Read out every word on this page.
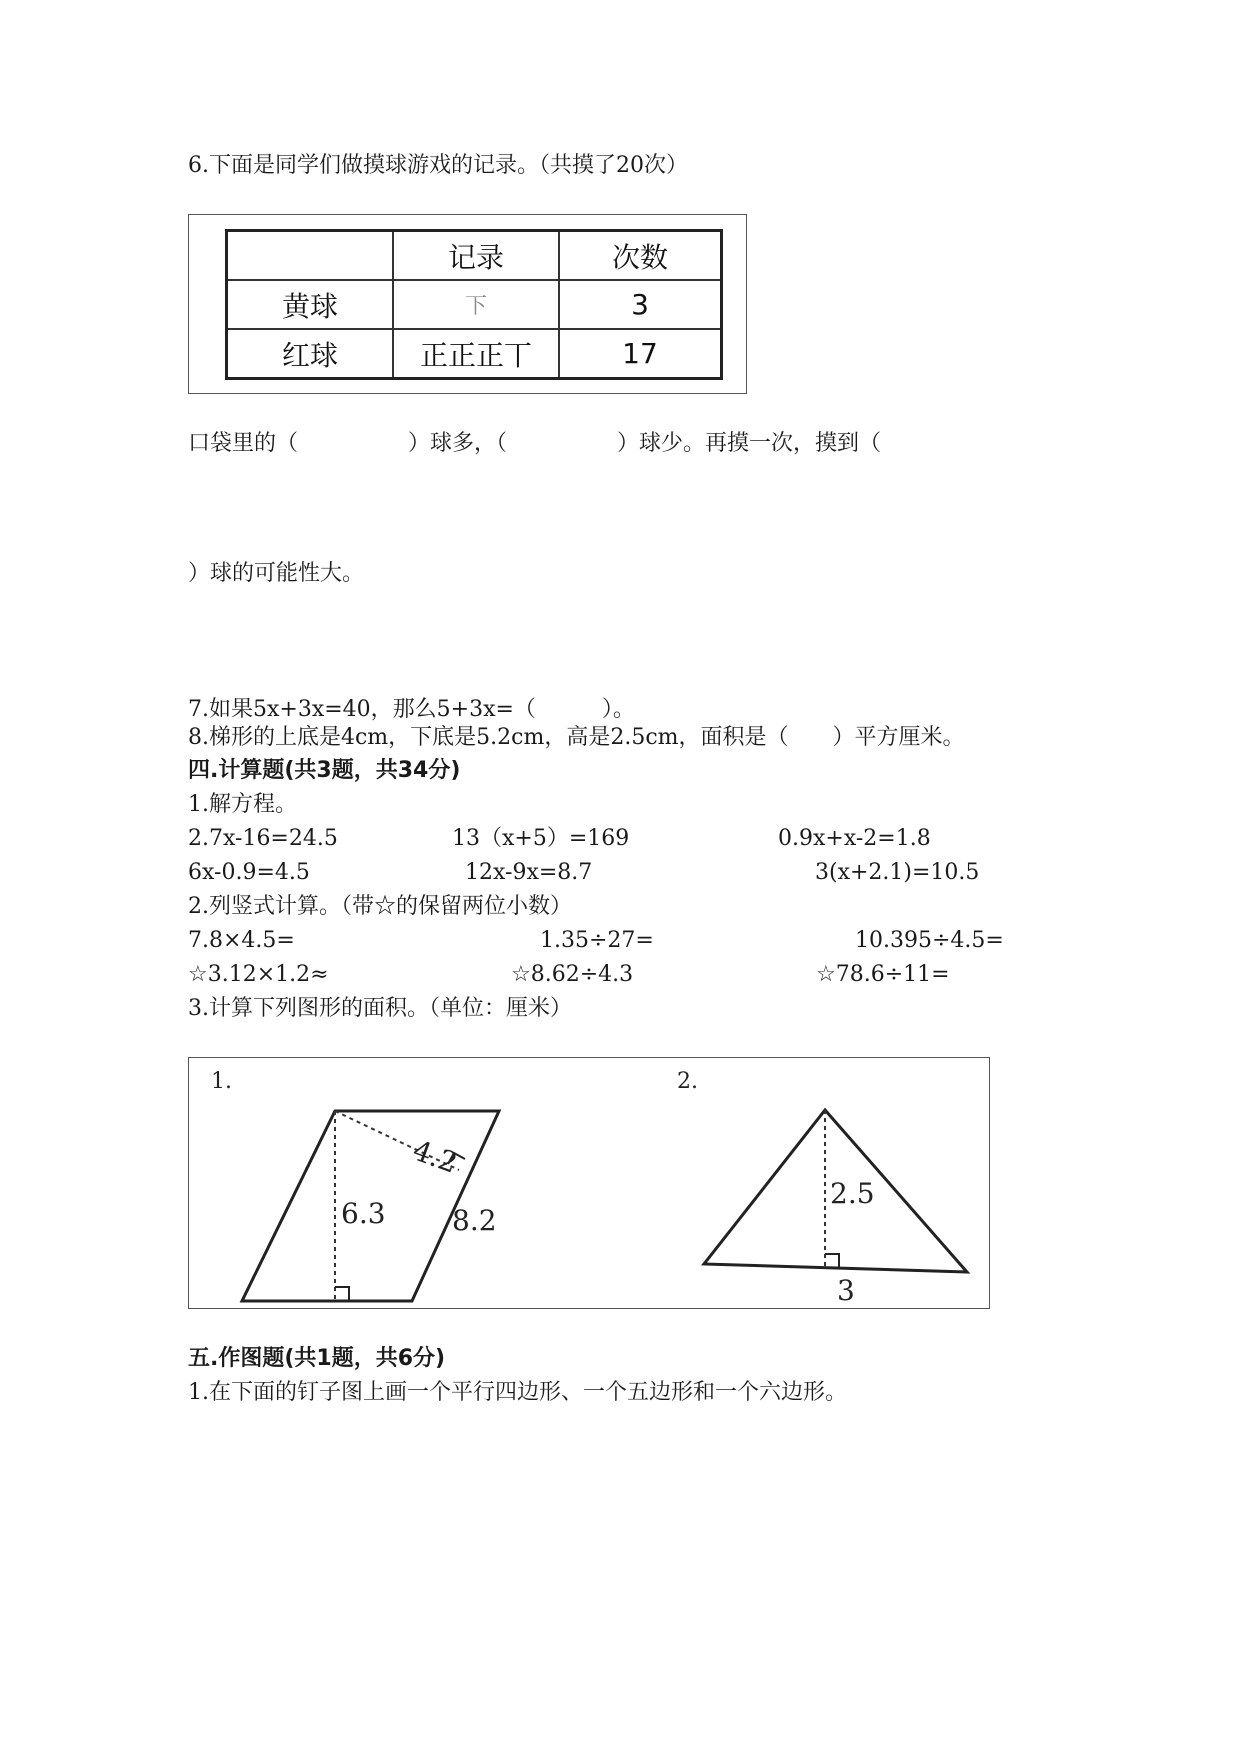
6.下面是同学们做摸球游戏的记录。（共摸了20次）
	记录	次数
黄球	下	3
红球	正正正丅	17
口袋里的（　　　　　）球多，（　　　　　）球少。再摸一次，摸到（
）球的可能性大。
7.如果5x+3x=40，那么5+3x=（　　　）。
8.梯形的上底是4cm，下底是5.2cm，高是2.5cm，面积是（　　）平方厘米。
四.计算题(共3题，共34分)
1.解方程。
2.7x-16=24.5	13（x+5）=169	0.9x+x-2=1.8
6x-0.9=4.5	12x-9x=8.7	3(x+2.1)=10.5
2.列竖式计算。（带☆的保留两位小数）
7.8×4.5=	1.35÷27=	10.395÷4.5=
☆3.12×1.2≈	☆8.62÷4.3	☆78.6÷11=
3.计算下列图形的面积。（单位：厘米）
1.	2.
4.2
6.3 8.2
2.5
3
五.作图题(共1题，共6分)
1.在下面的钉子图上画一个平行四边形、一个五边形和一个六边形。
